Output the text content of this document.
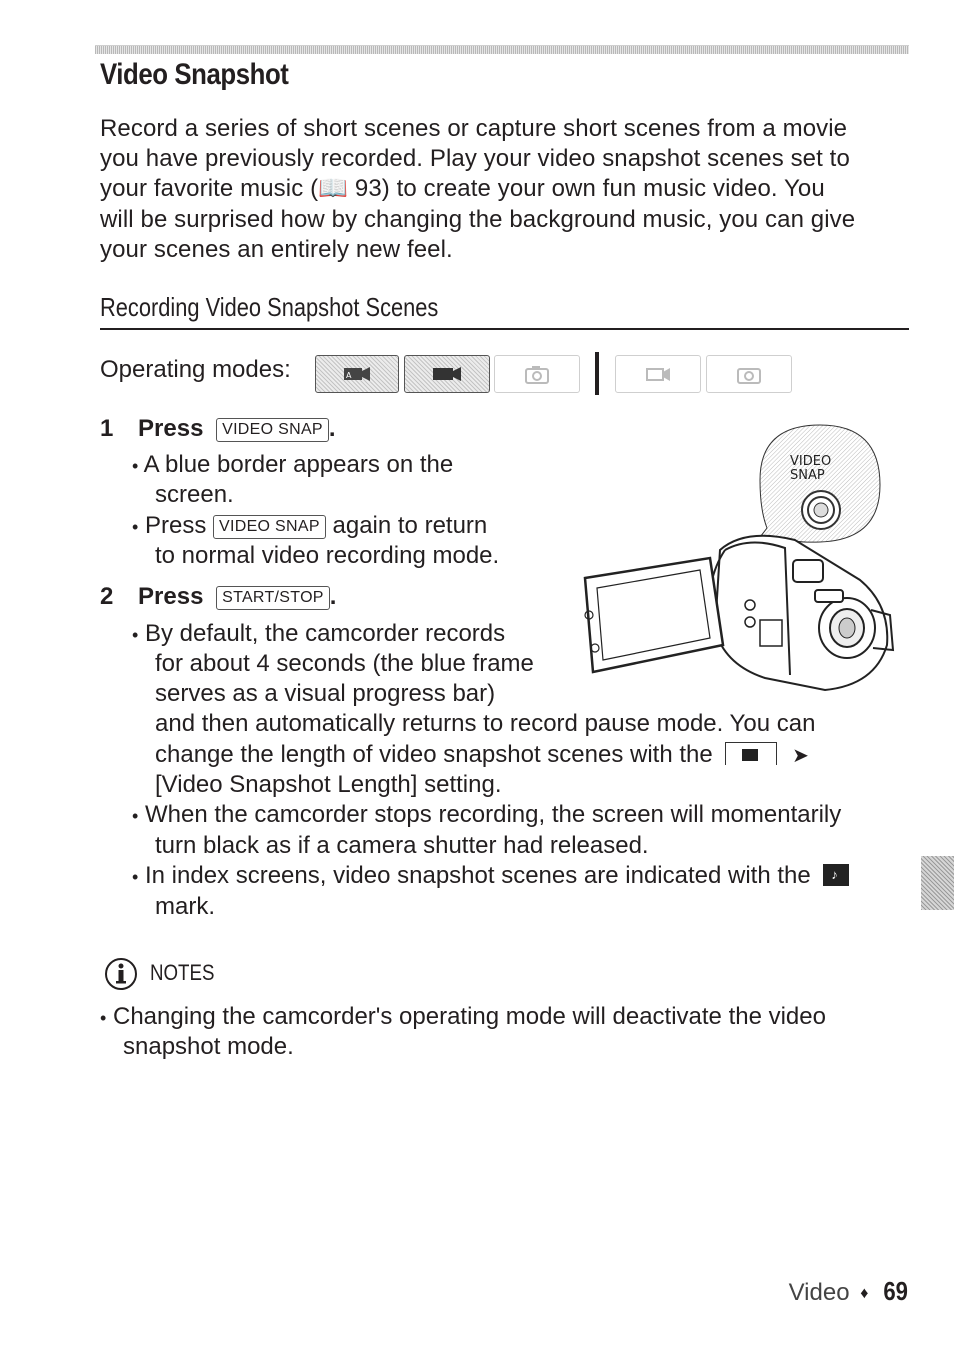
Video Snapshot
Record a series of short scenes or capture short scenes from a movie
you have previously recorded. Play your video snapshot scenes set to
your favorite music (📖 93) to create your own fun music video. You
will be surprised how by changing the background music, you can give
your scenes an entirely new feel.
Recording Video Snapshot Scenes
Operating modes:	A
1 Press VIDEO SNAP .
• A blue border appears on the
screen.
• Press VIDEO SNAP again to return
to normal video recording mode.
2 Press START/STOP .
• By default, the camcorder records
for about 4 seconds (the blue frame
serves as a visual progress bar)
and then automatically returns to record pause mode. You can
change the length of video snapshot scenes with the	➤
[Video Snapshot Length] setting.
• When the camcorder stops recording, the screen will momentarily
turn black as if a camera shutter had released.
• In index screens, video snapshot scenes are indicated with the ♪
mark.
VIDEO
SNAP
NOTES
• Changing the camcorder's operating mode will deactivate the video
snapshot mode.
Video ♦ 69
